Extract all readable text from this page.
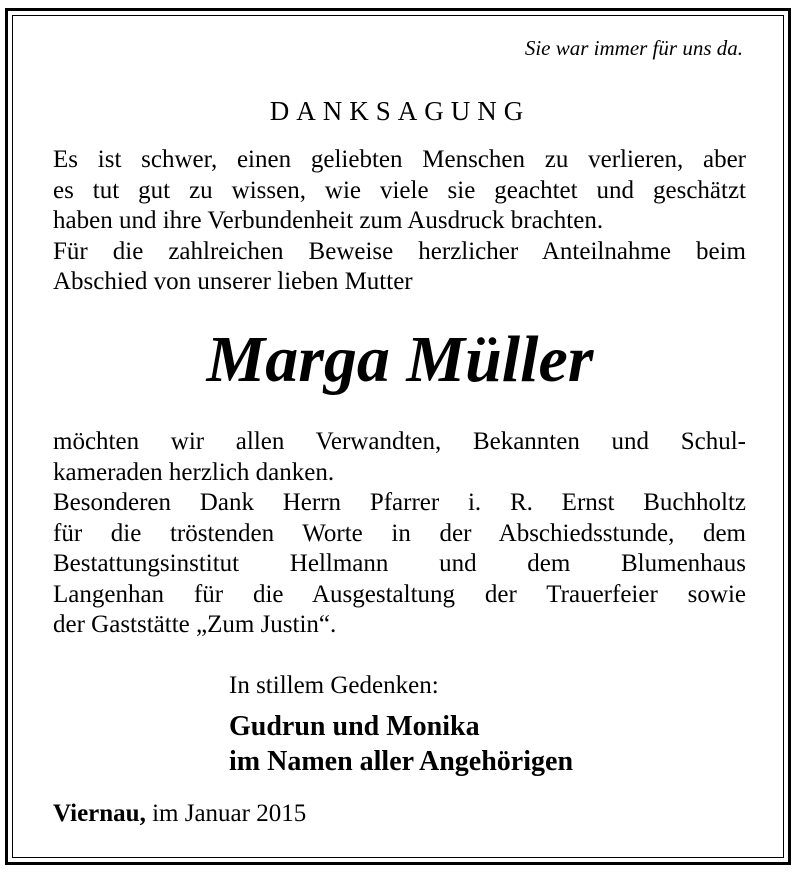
Sie war immer für uns da.
DANKSAGUNG
Es ist schwer, einen geliebten Menschen zu verlieren, aber
es tut gut zu wissen, wie viele sie geachtet und geschätzt
haben und ihre Verbundenheit zum Ausdruck brachten.
Für die zahlreichen Beweise herzlicher Anteilnahme beim
Abschied von unserer lieben Mutter
Marga Müller
möchten wir allen Verwandten, Bekannten und Schul-
kameraden herzlich danken.
Besonderen Dank Herrn Pfarrer i. R. Ernst Buchholtz
für die tröstenden Worte in der Abschiedsstunde, dem
Bestattungsinstitut Hellmann und dem Blumenhaus
Langenhan für die Ausgestaltung der Trauerfeier sowie
der Gaststätte „Zum Justin“.
In stillem Gedenken:
Gudrun und Monika
im Namen aller Angehörigen
Viernau, im Januar 2015
